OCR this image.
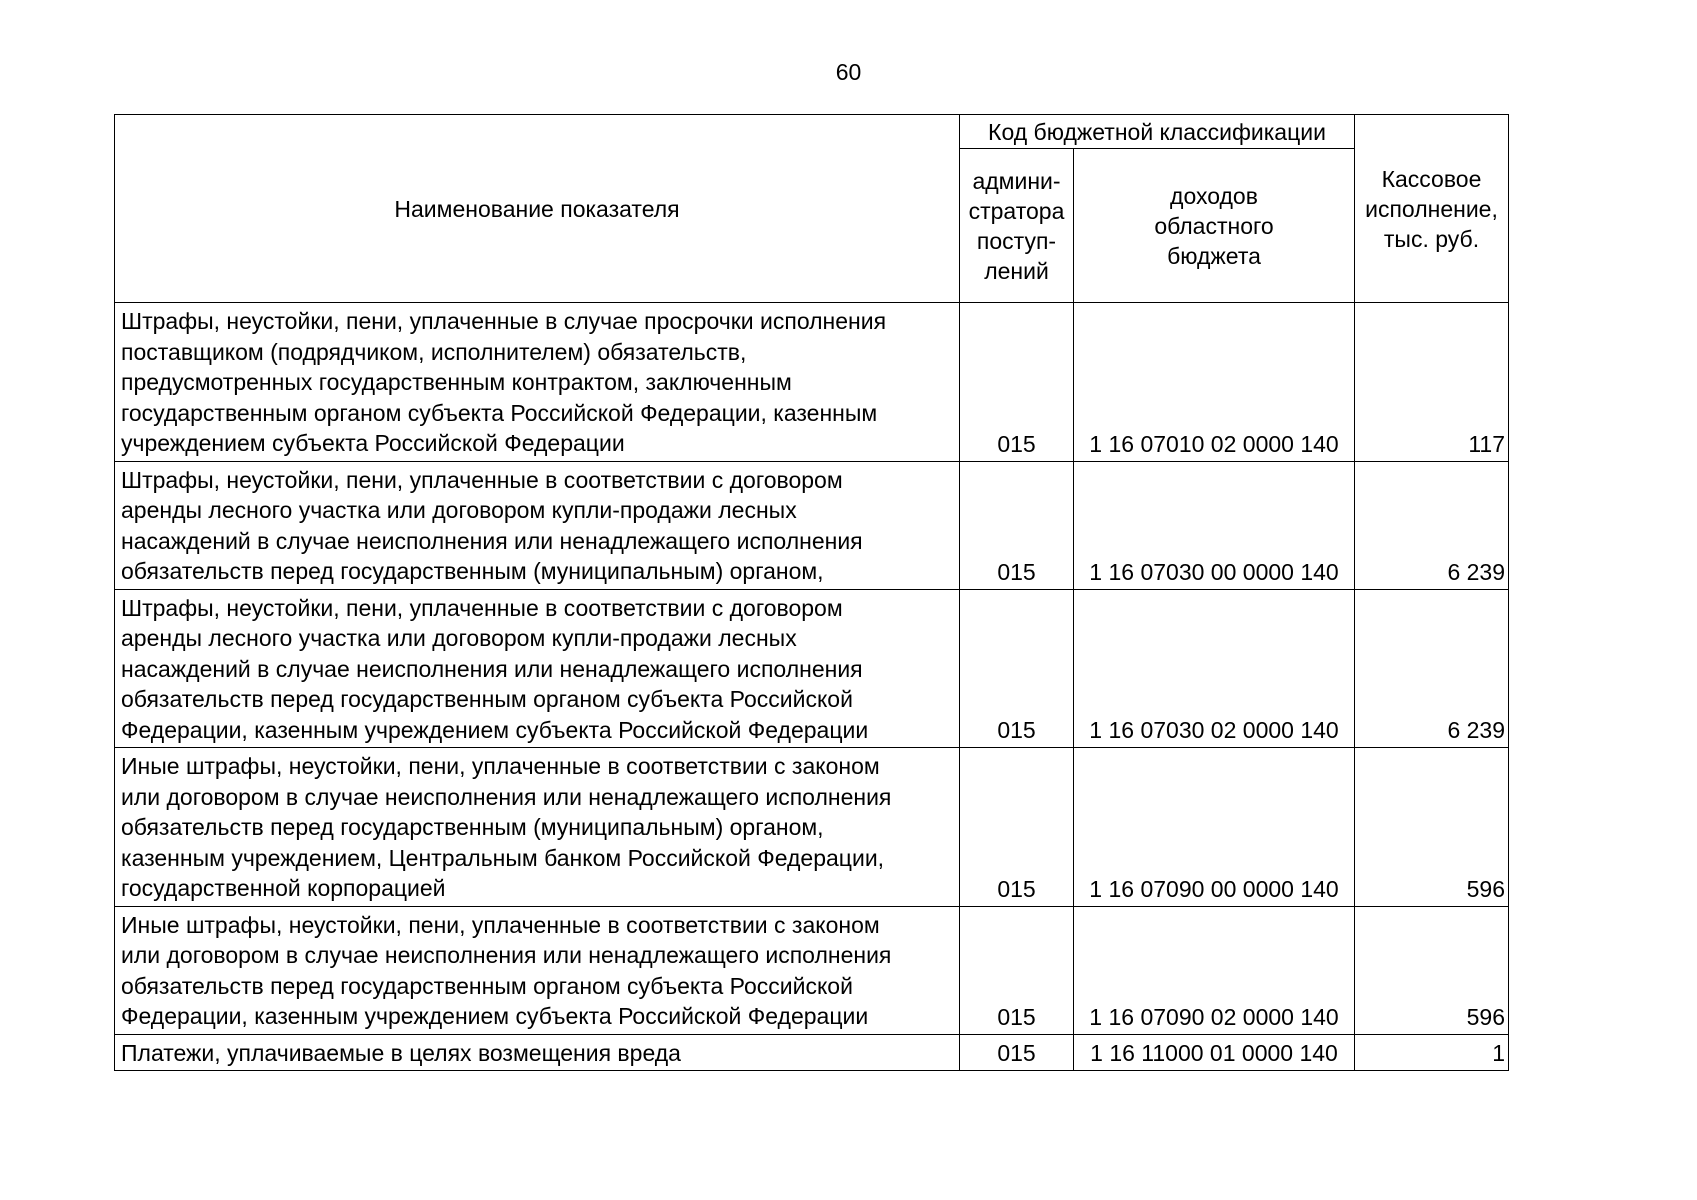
60
Наименование показателя	Код бюджетной классификации		Кассовое
исполнение,
тыс. руб.
	админи-
стратора
поступ-
лений	доходов
областного
бюджета	

Штрафы, неустойки, пени, уплаченные в случае просрочки исполнения
поставщиком (подрядчиком, исполнителем) обязательств,
предусмотренных государственным контрактом, заключенным
государственным органом субъекта Российской Федерации, казенным
учреждением субъекта Российской Федерации	015	1 16 07010 02 0000 140	117

Штрафы, неустойки, пени, уплаченные в соответствии с договором
аренды лесного участка или договором купли-продажи лесных
насаждений в случае неисполнения или ненадлежащего исполнения
обязательств перед государственным (муниципальным) органом,	015	1 16 07030 00 0000 140	6 239

Штрафы, неустойки, пени, уплаченные в соответствии с договором
аренды лесного участка или договором купли-продажи лесных
насаждений в случае неисполнения или ненадлежащего исполнения
обязательств перед государственным органом субъекта Российской
Федерации, казенным учреждением субъекта Российской Федерации	015	1 16 07030 02 0000 140	6 239

Иные штрафы, неустойки, пени, уплаченные в соответствии с законом
или договором в случае неисполнения или ненадлежащего исполнения
обязательств перед государственным (муниципальным) органом,
казенным учреждением, Центральным банком Российской Федерации,
государственной корпорацией	015	1 16 07090 00 0000 140	596

Иные штрафы, неустойки, пени, уплаченные в соответствии с законом
или договором в случае неисполнения или ненадлежащего исполнения
обязательств перед государственным органом субъекта Российской
Федерации, казенным учреждением субъекта Российской Федерации	015	1 16 07090 02 0000 140	596

Платежи, уплачиваемые в целях возмещения вреда	015	1 16 11000 01 0000 140	1
